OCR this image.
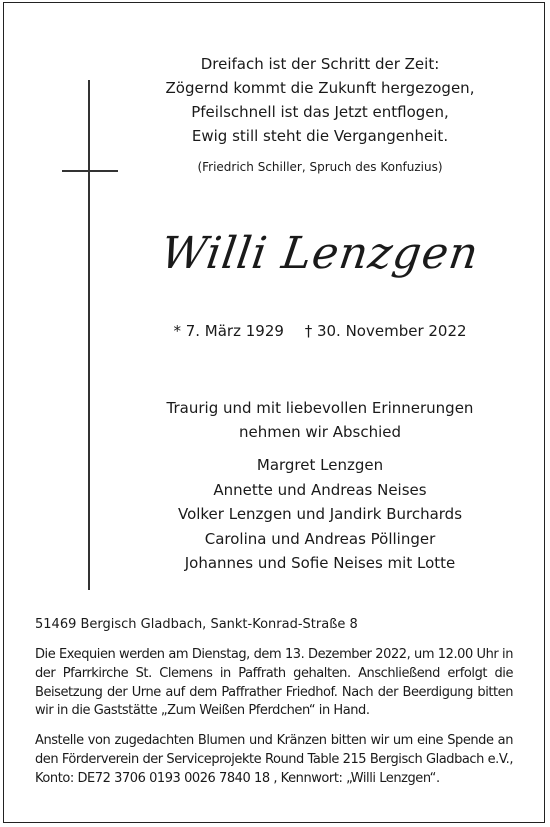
Dreifach ist der Schritt der Zeit:
Zögernd kommt die Zukunft hergezogen,
Pfeilschnell ist das Jetzt entflogen,
Ewig still steht die Vergangenheit.
(Friedrich Schiller, Spruch des Konfuzius)
Willi Lenzgen
* 7. März 1929 † 30. November 2022
Traurig und mit liebevollen Erinnerungen
nehmen wir Abschied
Margret Lenzgen
Annette und Andreas Neises
Volker Lenzgen und Jandirk Burchards
Carolina und Andreas Pöllinger
Johannes und Sofie Neises mit Lotte
51469 Bergisch Gladbach, Sankt-Konrad-Straße 8
Die Exequien werden am Dienstag, dem 13. Dezember 2022, um 12.00 Uhr in der Pfarrkirche St. Clemens in Paffrath gehalten. Anschließend erfolgt die Beisetzung der Urne auf dem Paffrather Friedhof. Nach der Beerdigung bitten wir in die Gaststätte „Zum Weißen Pferdchen“ in Hand.
Anstelle von zugedachten Blumen und Kränzen bitten wir um eine Spende an den Förderverein der Serviceprojekte Round Table 215 Bergisch Gladbach e.V., Konto: DE72 3706 0193 0026 7840 18 , Kennwort: „Willi Lenzgen“.
